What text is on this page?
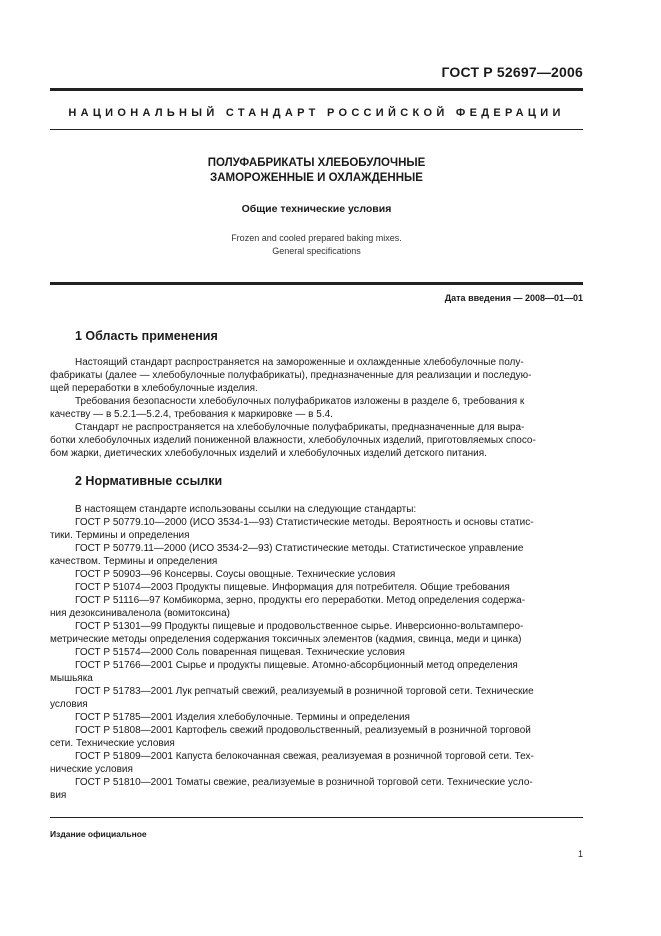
ГОСТ Р 52697—2006
НАЦИОНАЛЬНЫЙ СТАНДАРТ РОССИЙСКОЙ ФЕДЕРАЦИИ
ПОЛУФАБРИКАТЫ ХЛЕБОБУЛОЧНЫЕ
ЗАМОРОЖЕННЫЕ И ОХЛАЖДЕННЫЕ
Общие технические условия
Frozen and cooled prepared baking mixes.
General specifications
Дата введения — 2008—01—01
1 Область применения
Настоящий стандарт распространяется на замороженные и охлажденные хлебобулочные полу-
фабрикаты (далее — хлебобулочные полуфабрикаты), предназначенные для реализации и последую-
щей переработки в хлебобулочные изделия.
Требования безопасности хлебобулочных полуфабрикатов изложены в разделе 6, требования к
качеству — в 5.2.1—5.2.4, требования к маркировке — в 5.4.
Стандарт не распространяется на хлебобулочные полуфабрикаты, предназначенные для выра-
ботки хлебобулочных изделий пониженной влажности, хлебобулочных изделий, приготовляемых спосо-
бом жарки, диетических хлебобулочных изделий и хлебобулочных изделий детского питания.
2 Нормативные ссылки
В настоящем стандарте использованы ссылки на следующие стандарты:
ГОСТ Р 50779.10—2000 (ИСО 3534-1—93) Статистические методы. Вероятность и основы статис-
тики. Термины и определения
ГОСТ Р 50779.11—2000 (ИСО 3534-2—93) Статистические методы. Статистическое управление
качеством. Термины и определения
ГОСТ Р 50903—96 Консервы. Соусы овощные. Технические условия
ГОСТ Р 51074—2003 Продукты пищевые. Информация для потребителя. Общие требования
ГОСТ Р 51116—97 Комбикорма, зерно, продукты его переработки. Метод определения содержа-
ния дезоксиниваленола (вомитоксина)
ГОСТ Р 51301—99 Продукты пищевые и продовольственное сырье. Инверсионно-вольтамперо-
метрические методы определения содержания токсичных элементов (кадмия, свинца, меди и цинка)
ГОСТ Р 51574—2000 Соль поваренная пищевая. Технические условия
ГОСТ Р 51766—2001 Сырье и продукты пищевые. Атомно-абсорбционный метод определения
мышьяка
ГОСТ Р 51783—2001 Лук репчатый свежий, реализуемый в розничной торговой сети. Технические
условия
ГОСТ Р 51785—2001 Изделия хлебобулочные. Термины и определения
ГОСТ Р 51808—2001 Картофель свежий продовольственный, реализуемый в розничной торговой
сети. Технические условия
ГОСТ Р 51809—2001 Капуста белокочанная свежая, реализуемая в розничной торговой сети. Тех-
нические условия
ГОСТ Р 51810—2001 Томаты свежие, реализуемые в розничной торговой сети. Технические усло-
вия
Издание официальное
1
